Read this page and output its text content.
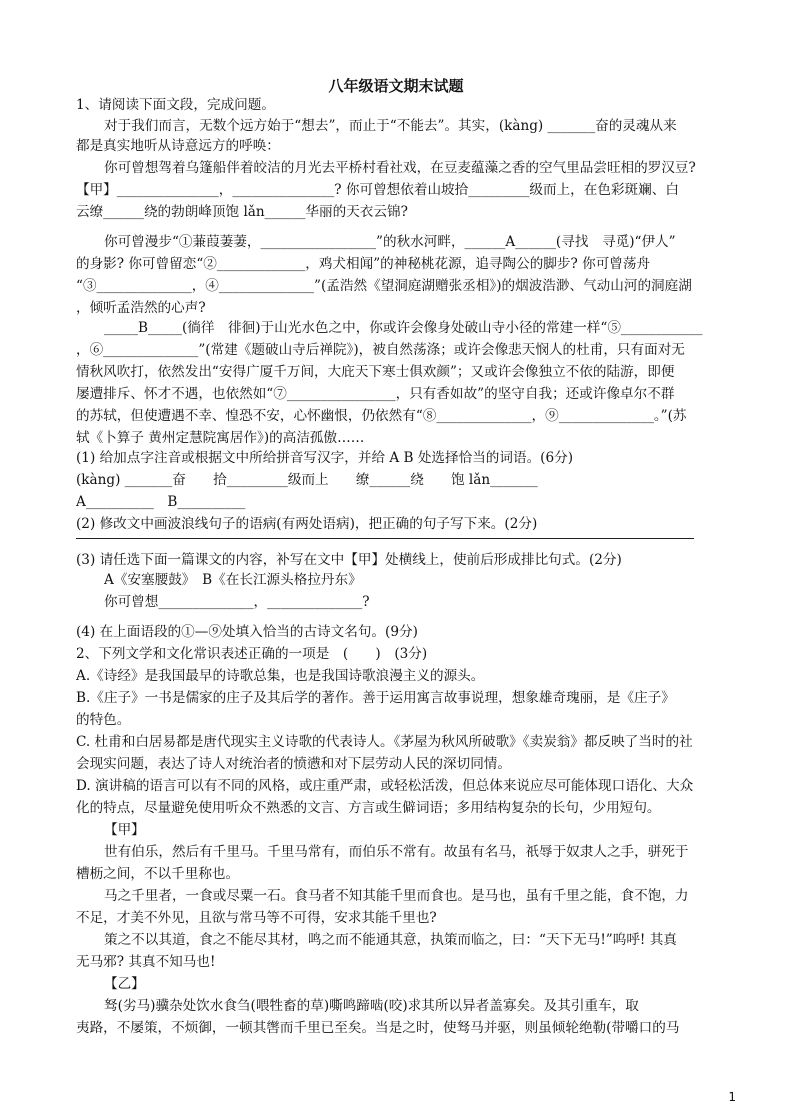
八年级语文期末试题
1、请阅读下面文段，完成问题。
对于我们而言，无数个远方始于“想去”，而止于“不能去”。其实，(kàng) _______奋的灵魂从来
都是真实地听从诗意远方的呼唤：
你可曾想驾着乌篷船伴着皎洁的月光去平桥村看社戏，在豆麦蕴藻之香的空气里品尝旺相的罗汉豆?
【甲】_______________，_______________? 你可曾想依着山坡拾_________级而上，在色彩斑斓、白
云缭______绕的勃朗峰顶饱 lǎn______华丽的天衣云锦?
你可曾漫步“①蒹葭萋萋，_________________”的秋水河畔，______A______(寻找　寻觅)“伊人”
的身影? 你可曾留恋“②_____________，鸡犬相闻”的神秘桃花源，追寻陶公的脚步? 你可曾荡舟
“③______________，④______________”(孟浩然《望洞庭湖赠张丞相》)的烟波浩渺、气动山河的洞庭湖
，倾听孟浩然的心声?
_____B_____(徜徉　徘徊)于山光水色之中，你或许会像身处破山寺小径的常建一样“⑤____________
，⑥______________”(常建《题破山寺后禅院》)，被自然荡涤；或许会像悲天悯人的杜甫，只有面对无
情秋风吹打，依然发出“安得广厦千万间，大庇天下寒士俱欢颜”；又或许会像独立不依的陆游，即便
屡遭排斥、怀才不遇，也依然如“⑦________________，只有香如故”的坚守自我；还或许像卓尔不群
的苏轼，但使遭遇不幸、惶恐不安，心怀幽恨，仍依然有“⑧______________，⑨______________。”(苏
轼《卜算子 黄州定慧院寓居作》)的高洁孤傲……
(1) 给加点字注音或根据文中所给拼音写汉字，并给 A B 处选择恰当的词语。(6分)
(kàng) _______奋　　拾_________级而上　　缭______绕　　饱 lǎn_______
A__________　B__________
(2) 修改文中画波浪线句子的语病(有两处语病)，把正确的句子写下来。(2分)
(3) 请任选下面一篇课文的内容，补写在文中【甲】处横线上，使前后形成排比句式。(2分)
A《安塞腰鼓》　B《在长江源头格拉丹东》
你可曾想______________，______________?
(4) 在上面语段的①—⑨处填入恰当的古诗文名句。(9分)
2、下列文学和文化常识表述正确的一项是　(　　)　(3分)
A.《诗经》是我国最早的诗歌总集，也是我国诗歌浪漫主义的源头。
B.《庄子》一书是儒家的庄子及其后学的著作。善于运用寓言故事说理，想象雄奇瑰丽，是《庄子》
的特色。
C. 杜甫和白居易都是唐代现实主义诗歌的代表诗人。《茅屋为秋风所破歌》《卖炭翁》都反映了当时的社
会现实问题，表达了诗人对统治者的愤懑和对下层劳动人民的深切同情。
D. 演讲稿的语言可以有不同的风格，或庄重严肃，或轻松活泼，但总体来说应尽可能体现口语化、大众
化的特点，尽量避免使用听众不熟悉的文言、方言或生僻词语；多用结构复杂的长句，少用短句。
【甲】
世有伯乐，然后有千里马。千里马常有，而伯乐不常有。故虽有名马，祇辱于奴隶人之手，骈死于
槽枥之间，不以千里称也。
马之千里者，一食或尽粟一石。食马者不知其能千里而食也。是马也，虽有千里之能，食不饱，力
不足，才美不外见，且欲与常马等不可得，安求其能千里也?
策之不以其道，食之不能尽其材，鸣之而不能通其意，执策而临之，曰：“天下无马!”呜呼! 其真
无马邪? 其真不知马也!
【乙】
驽(劣马)骥杂处饮水食刍(喂牲畜的草)嘶鸣蹄啮(咬)求其所以异者盖寡矣。及其引重车，取
夷路，不屡策，不烦御，一顿其辔而千里已至矣。当是之时，使驽马并驱，则虽倾轮绝勒(带嚼口的马
1
